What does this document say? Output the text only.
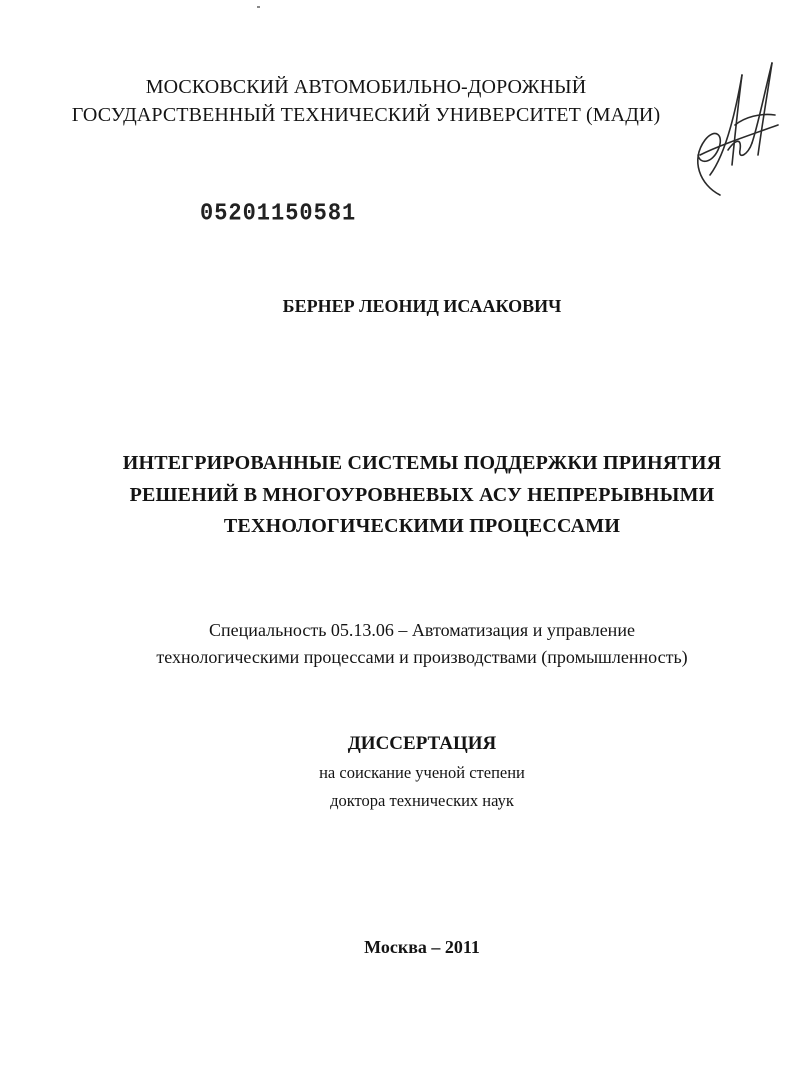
МОСКОВСКИЙ АВТОМОБИЛЬНО-ДОРОЖНЫЙ
ГОСУДАРСТВЕННЫЙ ТЕХНИЧЕСКИЙ УНИВЕРСИТЕТ (МАДИ)
05201150581
БЕРНЕР ЛЕОНИД ИСААКОВИЧ
ИНТЕГРИРОВАННЫЕ СИСТЕМЫ ПОДДЕРЖКИ ПРИНЯТИЯ
РЕШЕНИЙ В МНОГОУРОВНЕВЫХ АСУ НЕПРЕРЫВНЫМИ
ТЕХНОЛОГИЧЕСКИМИ ПРОЦЕССАМИ
Специальность 05.13.06 – Автоматизация и управление
технологическими процессами и производствами (промышленность)
ДИССЕРТАЦИЯ
на соискание ученой степени
доктора технических наук
Москва – 2011
